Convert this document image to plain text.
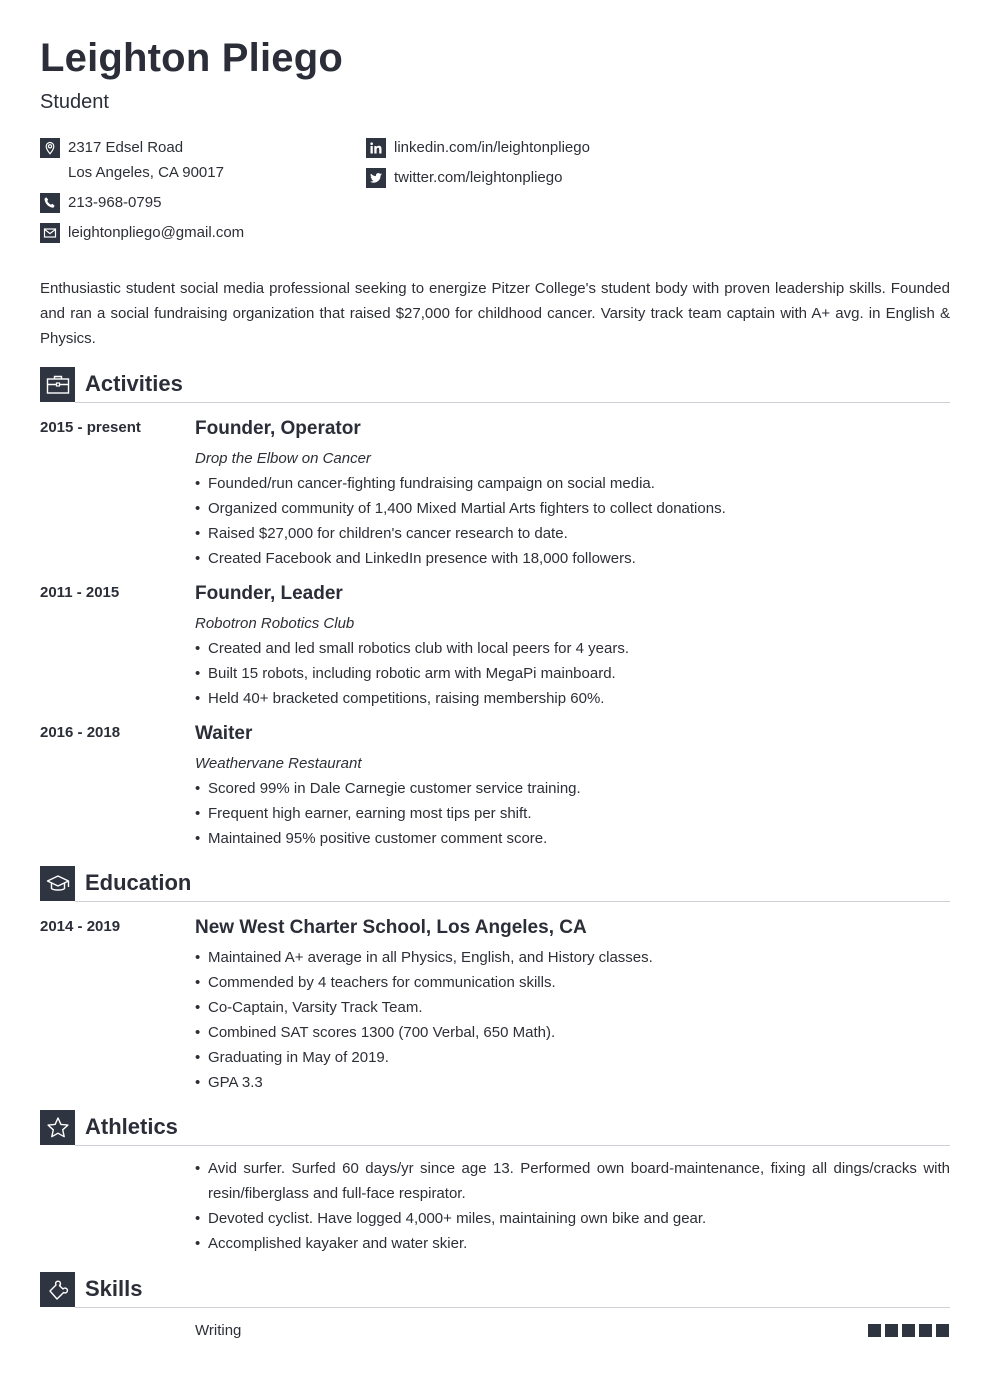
Leighton Pliego
Student
2317 Edsel Road
Los Angeles, CA 90017
213-968-0795
leightonpliego@gmail.com
linkedin.com/in/leightonpliego
twitter.com/leightonpliego

Enthusiastic student social media professional seeking to energize Pitzer College's student body with proven leadership skills. Founded and ran a social fundraising organization that raised $27,000 for childhood cancer. Varsity track team captain with A+ avg. in English & Physics.

Activities
2015 - present	Founder, Operator
Drop the Elbow on Cancer
• Founded/run cancer-fighting fundraising campaign on social media.
• Organized community of 1,400 Mixed Martial Arts fighters to collect donations.
• Raised $27,000 for children's cancer research to date.
• Created Facebook and LinkedIn presence with 18,000 followers.
2011 - 2015	Founder, Leader
Robotron Robotics Club
• Created and led small robotics club with local peers for 4 years.
• Built 15 robots, including robotic arm with MegaPi mainboard.
• Held 40+ bracketed competitions, raising membership 60%.
2016 - 2018	Waiter
Weathervane Restaurant
• Scored 99% in Dale Carnegie customer service training.
• Frequent high earner, earning most tips per shift.
• Maintained 95% positive customer comment score.
Education
2014 - 2019	New West Charter School, Los Angeles, CA
• Maintained A+ average in all Physics, English, and History classes.
• Commended by 4 teachers for communication skills.
• Co-Captain, Varsity Track Team.
• Combined SAT scores 1300 (700 Verbal, 650 Math).
• Graduating in May of 2019.
• GPA 3.3
Athletics
• Avid surfer. Surfed 60 days/yr since age 13. Performed own board-maintenance, fixing all dings/cracks with resin/fiberglass and full-face respirator.
• Devoted cyclist. Have logged 4,000+ miles, maintaining own bike and gear.
• Accomplished kayaker and water skier.
Skills
Writing
